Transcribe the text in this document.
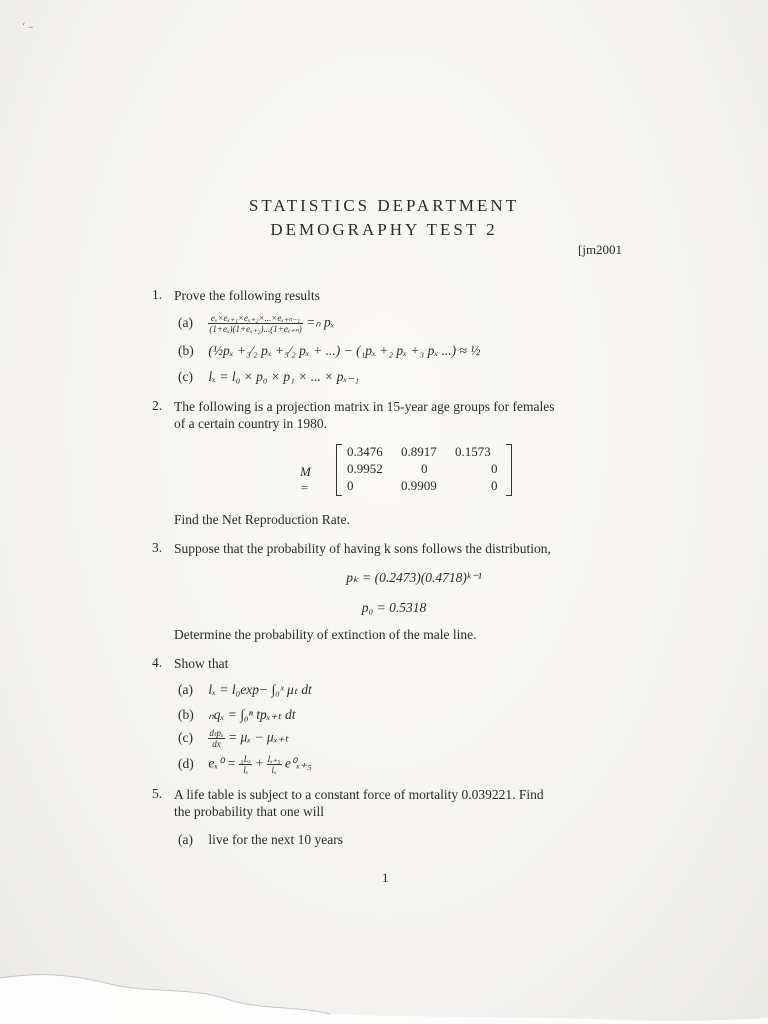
‘ –
STATISTICS DEPARTMENT
DEMOGRAPHY TEST 2
[jm2001
1. Prove the following results
$(a) \frac{\text{eₓ×eₓ₊₁×eₓ₊₂×...×eₓ₊ₙ₋₁}}{\text{(1+eₓ)(1+eₓ₊₂)...(1+eₓ₊ₙ)}} =_n$ pₓ
(b) (½pₓ +₃⁄₂ pₓ +₅⁄₂ pₓ + ...) − (₁pₓ +₂ pₓ +₃ pₓ ...) ≈ ½
(c) lₓ = l₀ × p₀ × p₁ × ... × pₓ₋₁
2. The following is a projection matrix in 15-year age groups for females
of a certain country in 1980.
M =
0.3476 0.8917 0.1573
0.9952	0	0
0	0.9909	0
Find the Net Reproduction Rate.
3. Suppose that the probability of having k sons follows the distribution,
pₖ = (0.2473)(0.4718)ᵏ⁻¹
p₀ = 0.5318
Determine the probability of extinction of the male line.
4. Show that
(a) lₓ = l₀exp− ∫₀ˣ μₜ dt
(b) ₙqₓ = ∫₀ⁿ tpₓ₊ₜ dt
$(c) \frac{\text{dₜpₓ}}{dx} = \mu_x - \mu_{x+t}$
(d) $e_x^0 = \frac{\text{₅Lₓ}}{\text{lₓ}} + \frac{\text{lₓ₊₅}}{\text{lₓ}} e^0_{x+5}$
5. A life table is subject to a constant force of mortality 0.039221. Find
the probability that one will
(a) live for the next 10 years
1
